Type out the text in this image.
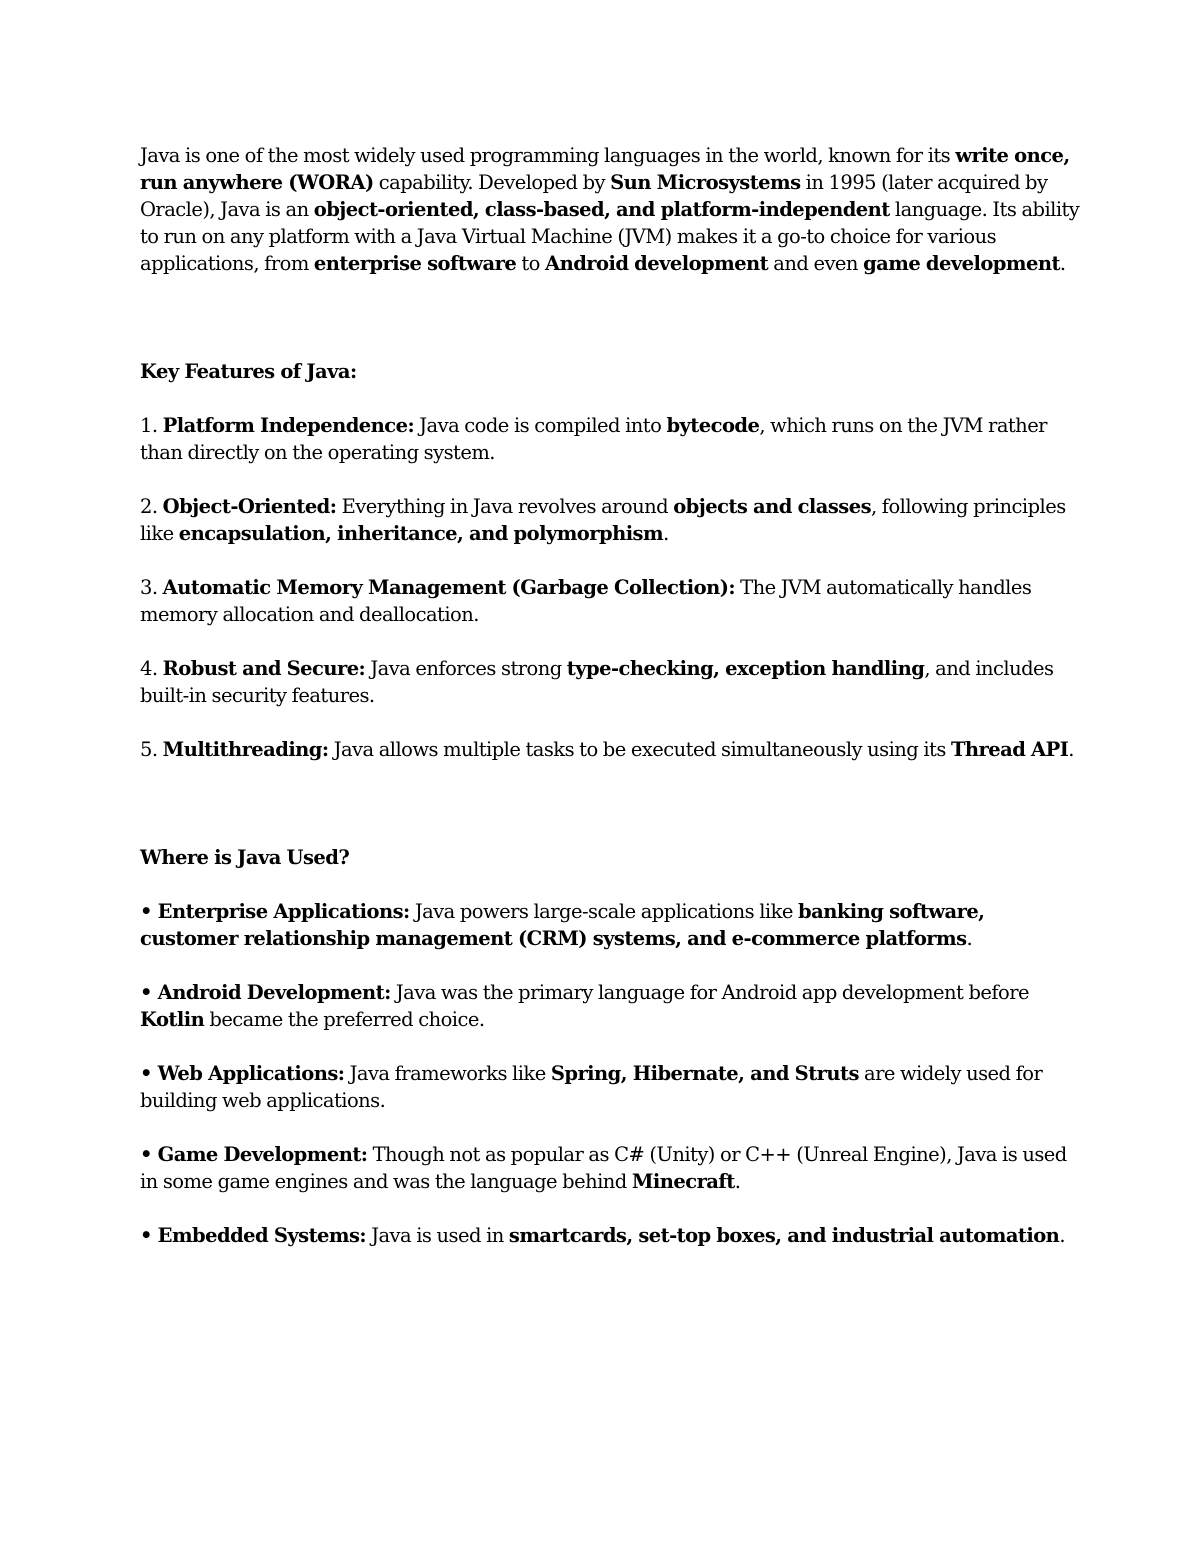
Java is one of the most widely used programming languages in the world, known for its write once, run anywhere (WORA) capability. Developed by Sun Microsystems in 1995 (later acquired by Oracle), Java is an object-oriented, class-based, and platform-independent language. Its ability to run on any platform with a Java Virtual Machine (JVM) makes it a go-to choice for various applications, from enterprise software to Android development and even game development.

Key Features of Java:

1. Platform Independence: Java code is compiled into bytecode, which runs on the JVM rather than directly on the operating system.

2. Object-Oriented: Everything in Java revolves around objects and classes, following principles like encapsulation, inheritance, and polymorphism.

3. Automatic Memory Management (Garbage Collection): The JVM automatically handles memory allocation and deallocation.

4. Robust and Secure: Java enforces strong type-checking, exception handling, and includes built-in security features.

5. Multithreading: Java allows multiple tasks to be executed simultaneously using its Thread API.

Where is Java Used?

• Enterprise Applications: Java powers large-scale applications like banking software, customer relationship management (CRM) systems, and e-commerce platforms.

• Android Development: Java was the primary language for Android app development before Kotlin became the preferred choice.

• Web Applications: Java frameworks like Spring, Hibernate, and Struts are widely used for building web applications.

• Game Development: Though not as popular as C# (Unity) or C++ (Unreal Engine), Java is used in some game engines and was the language behind Minecraft.

• Embedded Systems: Java is used in smartcards, set-top boxes, and industrial automation.
